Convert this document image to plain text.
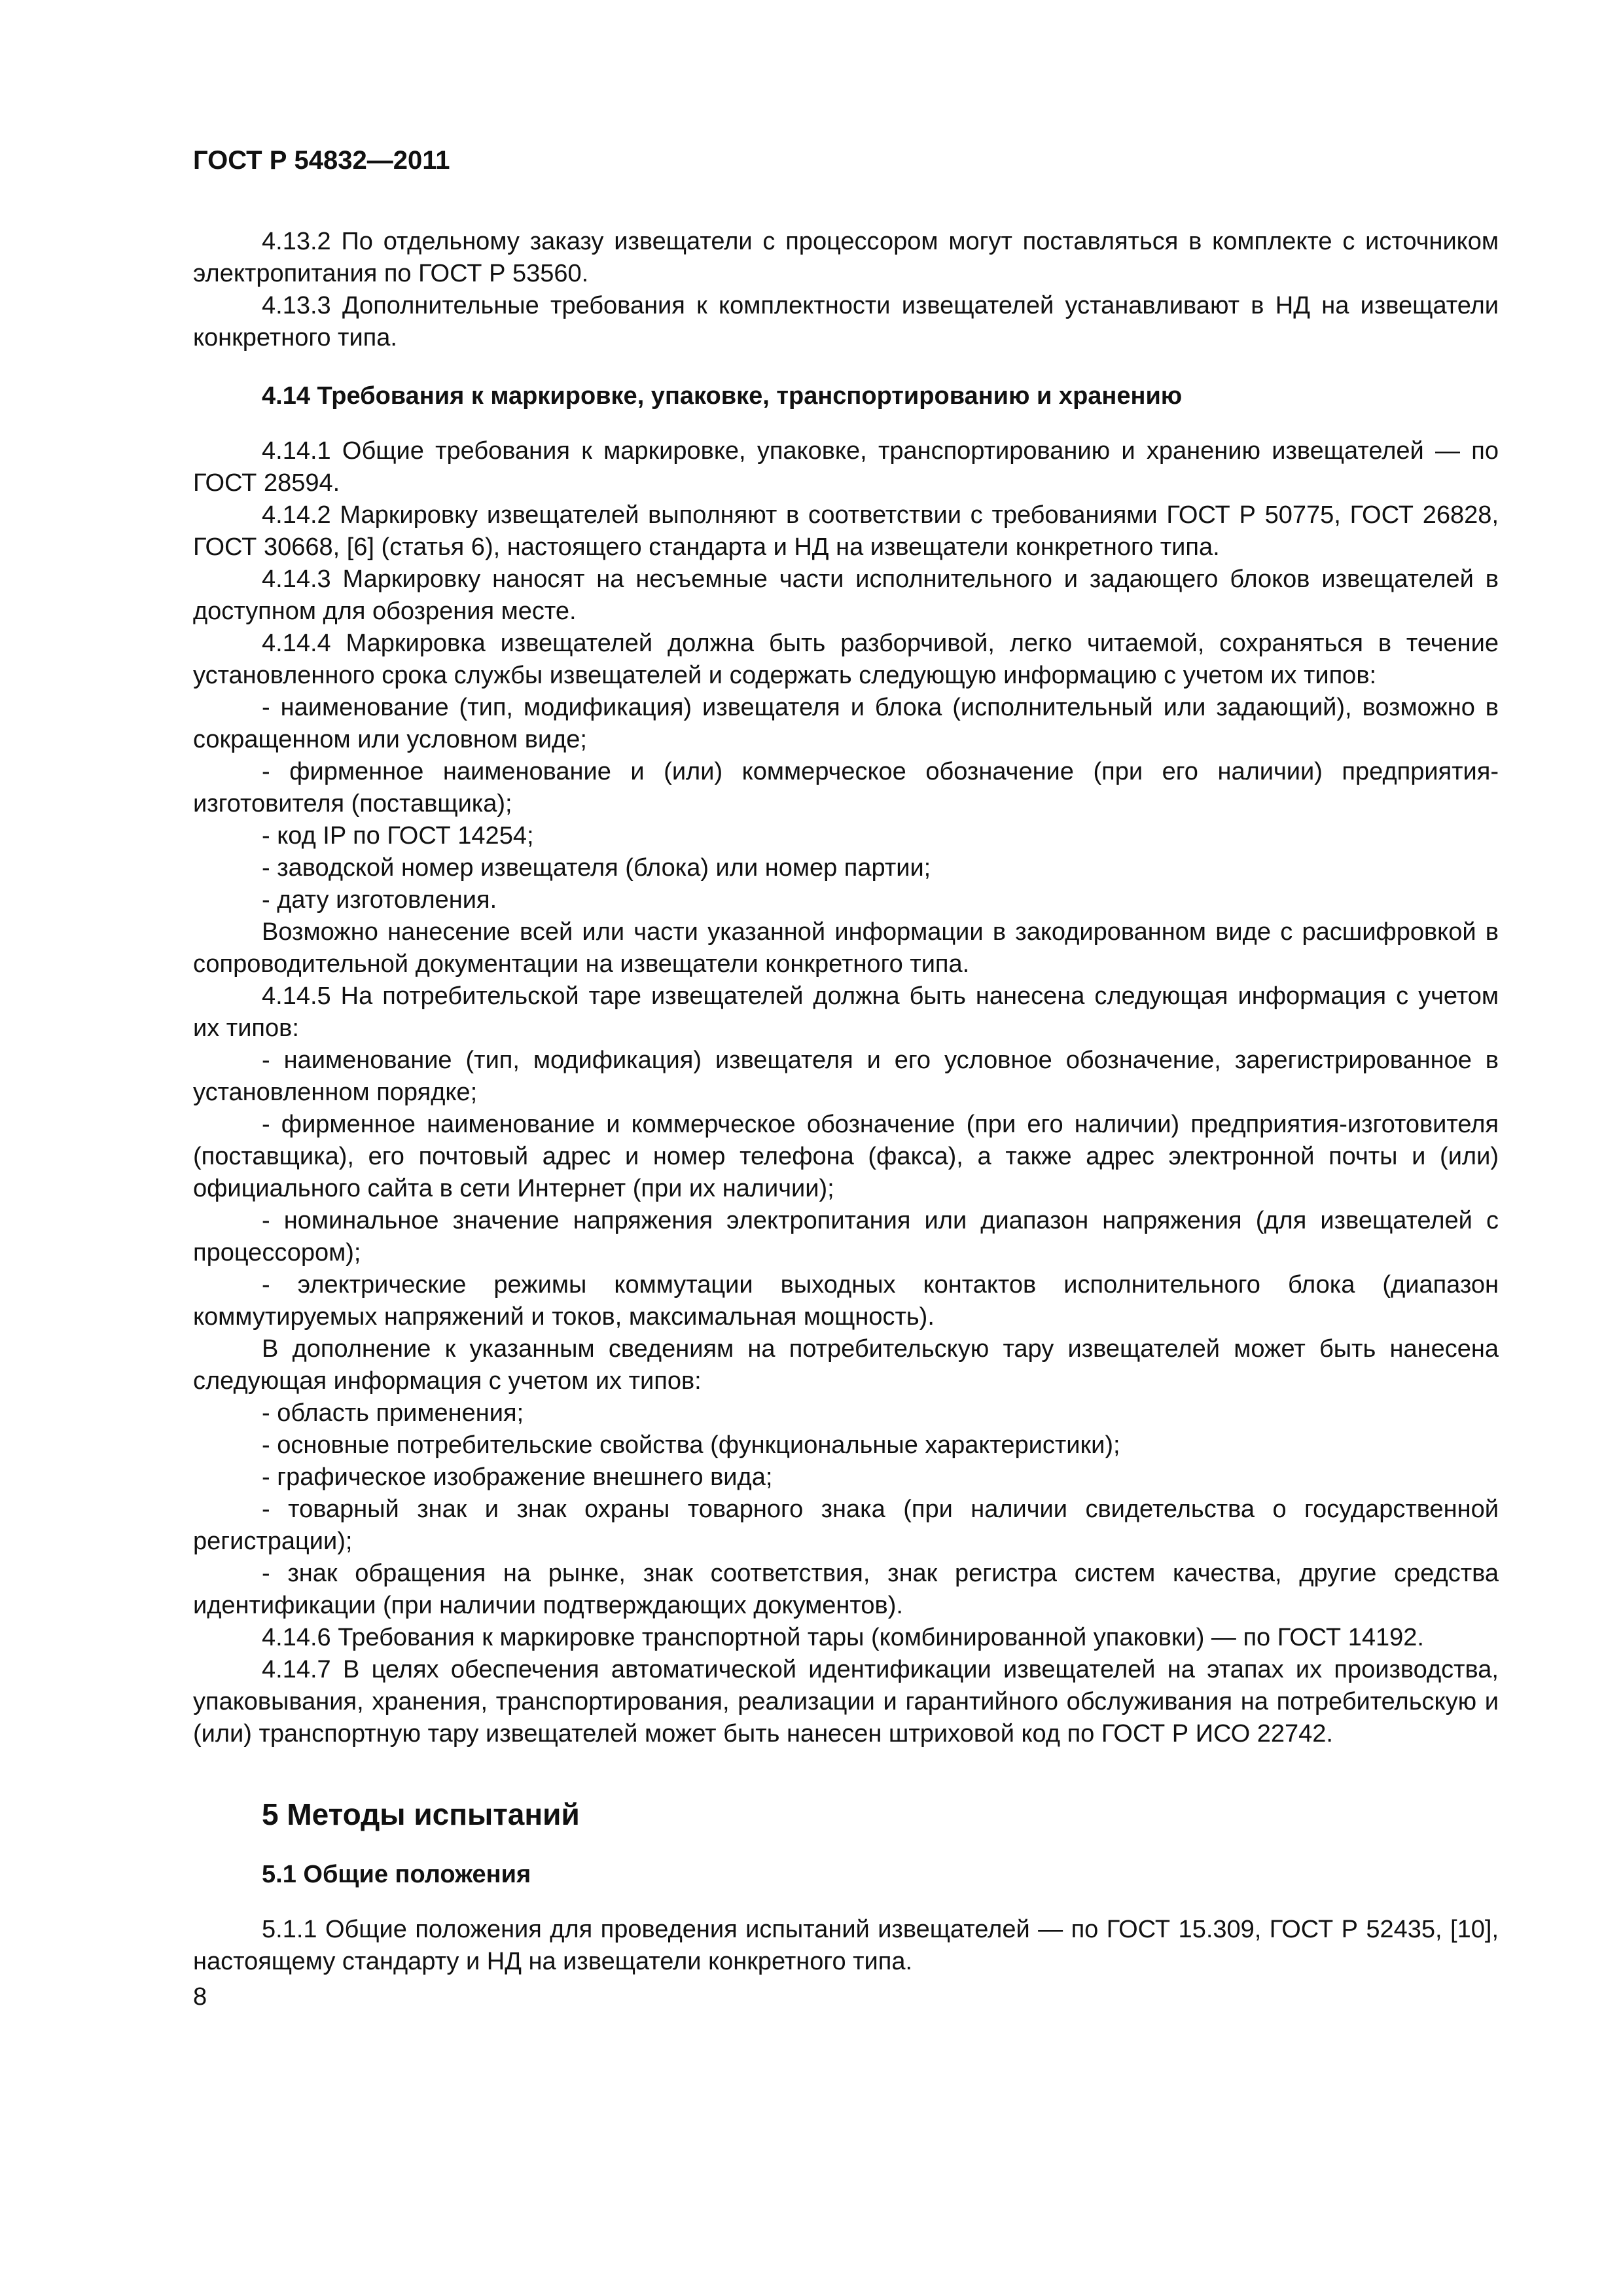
ГОСТ Р 54832—2011

4.13.2 По отдельному заказу извещатели с процессором могут поставляться в комплекте с источником электропитания по ГОСТ Р 53560.

4.13.3 Дополнительные требования к комплектности извещателей устанавливают в НД на извещатели конкретного типа.

4.14 Требования к маркировке, упаковке, транспортированию и хранению

4.14.1 Общие требования к маркировке, упаковке, транспортированию и хранению извещателей — по ГОСТ 28594.

4.14.2 Маркировку извещателей выполняют в соответствии с требованиями ГОСТ Р 50775, ГОСТ 26828, ГОСТ 30668, [6] (статья 6), настоящего стандарта и НД на извещатели конкретного типа.

4.14.3 Маркировку наносят на несъемные части исполнительного и задающего блоков извещателей в доступном для обозрения месте.

4.14.4 Маркировка извещателей должна быть разборчивой, легко читаемой, сохраняться в течение установленного срока службы извещателей и содержать следующую информацию с учетом их типов:

- наименование (тип, модификация) извещателя и блока (исполнительный или задающий), возможно в сокращенном или условном виде;

- фирменное наименование и (или) коммерческое обозначение (при его наличии) предприятия-изготовителя (поставщика);

- код IP по ГОСТ 14254;

- заводской номер извещателя (блока) или номер партии;

- дату изготовления.

Возможно нанесение всей или части указанной информации в закодированном виде с расшифровкой в сопроводительной документации на извещатели конкретного типа.

4.14.5 На потребительской таре извещателей должна быть нанесена следующая информация с учетом их типов:

- наименование (тип, модификация) извещателя и его условное обозначение, зарегистрированное в установленном порядке;

- фирменное наименование и коммерческое обозначение (при его наличии) предприятия-изготовителя (поставщика), его почтовый адрес и номер телефона (факса), а также адрес электронной почты и (или) официального сайта в сети Интернет (при их наличии);

- номинальное значение напряжения электропитания или диапазон напряжения (для извещателей с процессором);

- электрические режимы коммутации выходных контактов исполнительного блока (диапазон коммутируемых напряжений и токов, максимальная мощность).

В дополнение к указанным сведениям на потребительскую тару извещателей может быть нанесена следующая информация с учетом их типов:

- область применения;

- основные потребительские свойства (функциональные характеристики);

- графическое изображение внешнего вида;

- товарный знак и знак охраны товарного знака (при наличии свидетельства о государственной регистрации);

- знак обращения на рынке, знак соответствия, знак регистра систем качества, другие средства идентификации (при наличии подтверждающих документов).

4.14.6 Требования к маркировке транспортной тары (комбинированной упаковки) — по ГОСТ 14192.

4.14.7 В целях обеспечения автоматической идентификации извещателей на этапах их производства, упаковывания, хранения, транспортирования, реализации и гарантийного обслуживания на потребительскую и (или) транспортную тару извещателей может быть нанесен штриховой код по ГОСТ Р ИСО 22742.

5 Методы испытаний
5.1 Общие положения

5.1.1 Общие положения для проведения испытаний извещателей — по ГОСТ 15.309, ГОСТ Р 52435, [10], настоящему стандарту и НД на извещатели конкретного типа.

8
